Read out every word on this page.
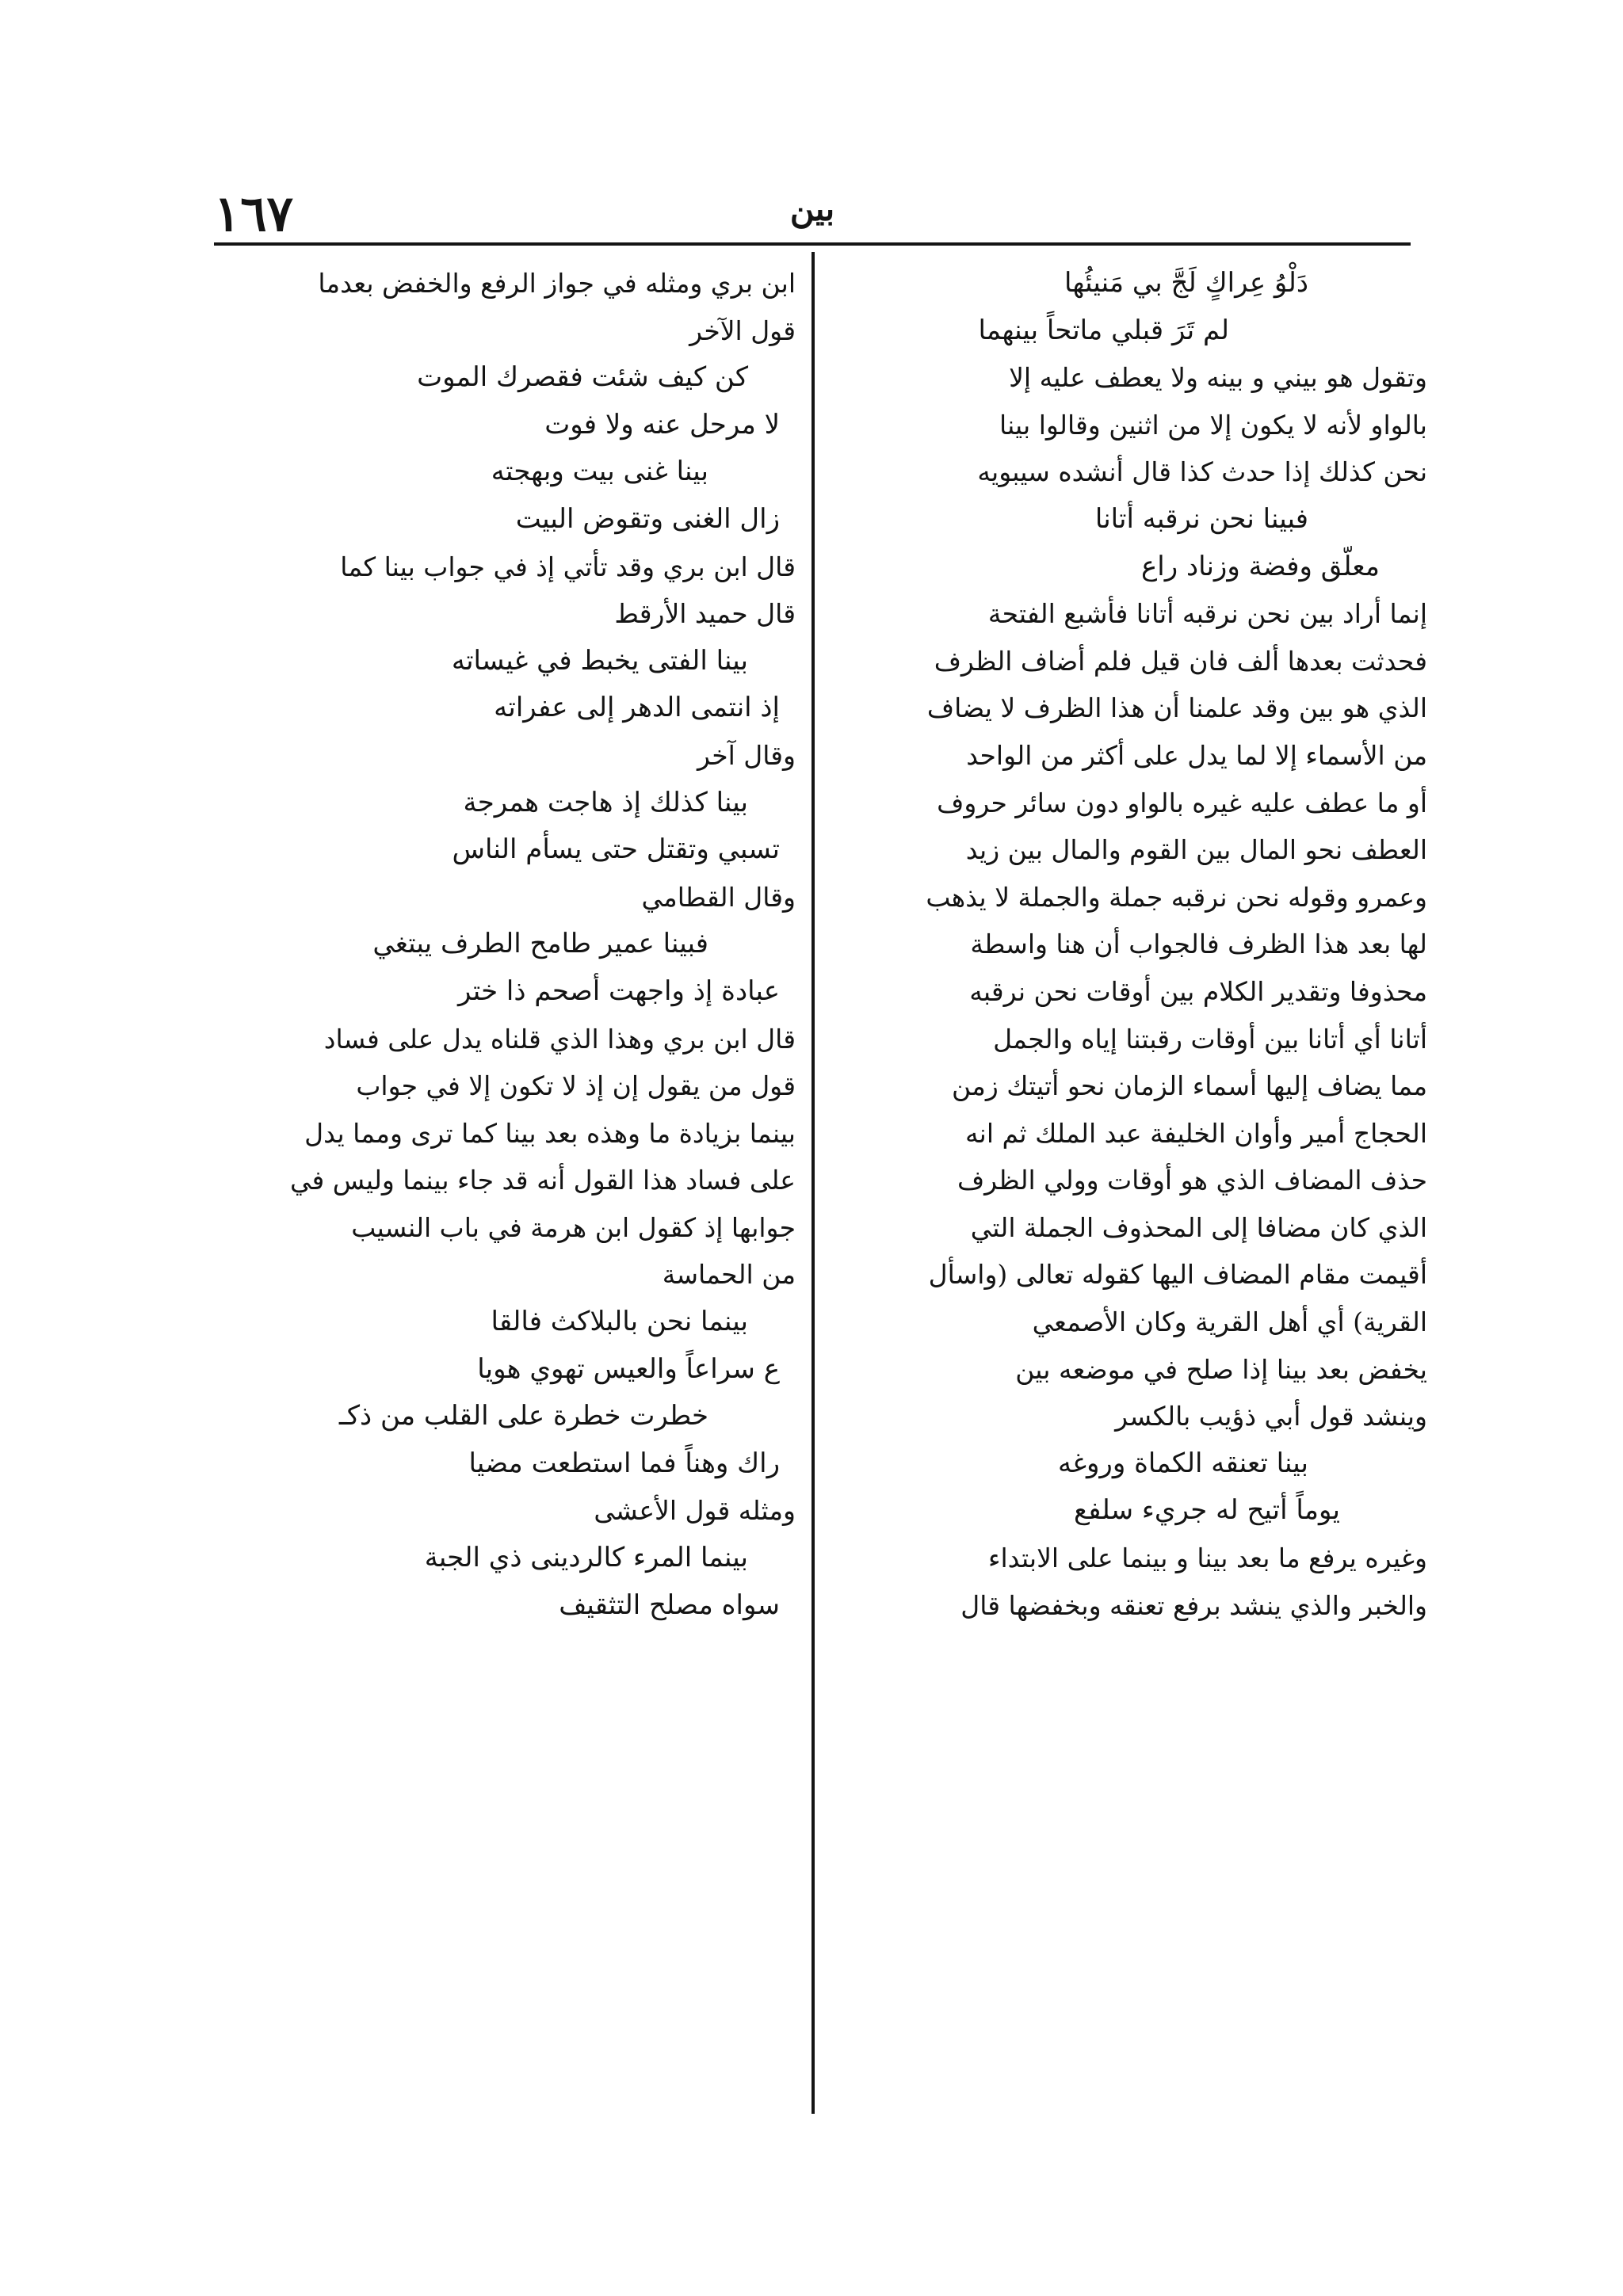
١٦٧	بين
دَلْوُ عِراكٍ لَجَّ بي مَنيئُها
لم تَرَ قبلي ماتحاً بينهما
وتقول هو بيني و بينه ولا يعطف عليه إلا
بالواو لأنه لا يكون إلا من اثنين وقالوا بينا
نحن كذلك إذا حدث كذا قال أنشده سيبويه
فبينا نحن نرقبه أتانا
معلّق وفضة وزناد راع
إنما أراد بين نحن نرقبه أتانا فأشبع الفتحة
فحدثت بعدها ألف فان قيل فلم أضاف الظرف
الذي هو بين وقد علمنا أن هذا الظرف لا يضاف
من الأسماء إلا لما يدل على أكثر من الواحد
أو ما عطف عليه غيره بالواو دون سائر حروف
العطف نحو المال بين القوم والمال بين زيد
وعمرو وقوله نحن نرقبه جملة والجملة لا يذهب
لها بعد هذا الظرف فالجواب أن هنا واسطة
محذوفا وتقدير الكلام بين أوقات نحن نرقبه
أتانا أي أتانا بين أوقات رقبتنا إياه والجمل
مما يضاف إليها أسماء الزمان نحو أتيتك زمن
الحجاج أمير وأوان الخليفة عبد الملك ثم انه
حذف المضاف الذي هو أوقات وولي الظرف
الذي كان مضافا إلى المحذوف الجملة التي
أقيمت مقام المضاف اليها كقوله تعالى (واسأل
القرية) أي أهل القرية وكان الأصمعي
يخفض بعد بينا إذا صلح في موضعه بين
وينشد قول أبي ذؤيب بالكسر
بينا تعنقه الكماة وروغه
يوماً أتيح له جريء سلفع
وغيره يرفع ما بعد بينا و بينما على الابتداء
والخبر والذي ينشد برفع تعنقه وبخفضها قال
ابن بري ومثله في جواز الرفع والخفض بعدما
قول الآخر
كن كيف شئت فقصرك الموت
لا مرحل عنه ولا فوت
بينا غنى بيت وبهجته
زال الغنى وتقوض البيت
قال ابن بري وقد تأتي إذ في جواب بينا كما
قال حميد الأرقط
بينا الفتى يخبط في غيساته
إذ انتمى الدهر إلى عفراته
وقال آخر
بينا كذلك إذ هاجت همرجة
تسبي وتقتل حتى يسأم الناس
وقال القطامي
فبينا عمير طامح الطرف يبتغي
عبادة إذ واجهت أصحم ذا ختر
قال ابن بري وهذا الذي قلناه يدل على فساد
قول من يقول إن إذ لا تكون إلا في جواب
بينما بزيادة ما وهذه بعد بينا كما ترى ومما يدل
على فساد هذا القول أنه قد جاء بينما وليس في
جوابها إذ كقول ابن هرمة في باب النسيب
من الحماسة
بينما نحن بالبلاكث فالقا
ع سراعاً والعيس تهوي هويا
خطرت خطرة على القلب من ذكـ
راك وهناً فما استطعت مضيا
ومثله قول الأعشى
بينما المرء كالردينى ذي الجبة
سواه مصلح التثقيف
